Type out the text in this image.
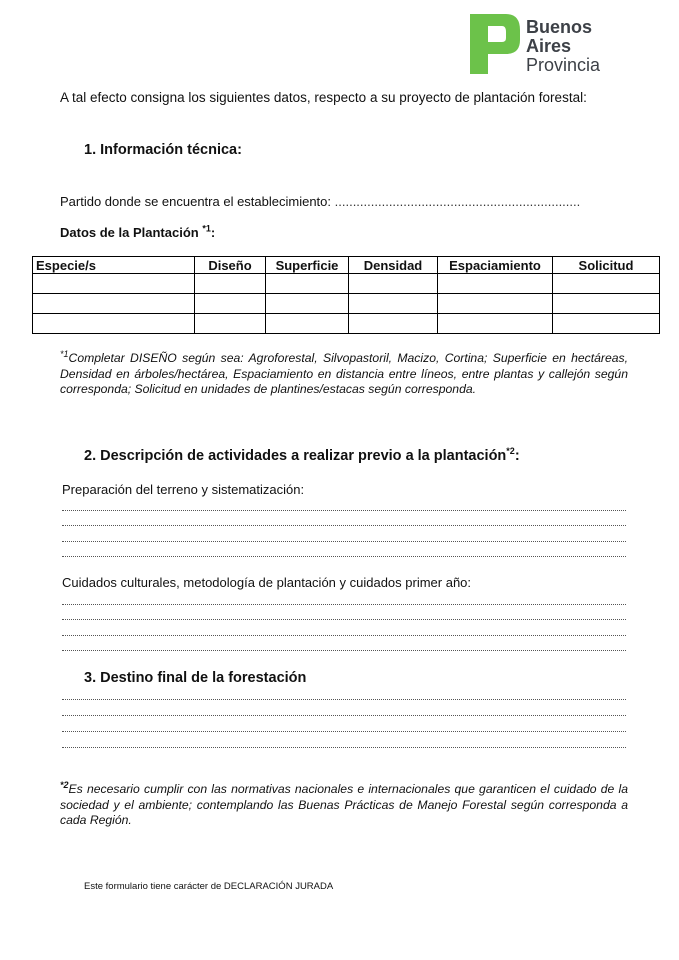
Buenos
Aires
Provincia
A tal efecto consigna los siguientes datos, respecto a su proyecto de plantación forestal:
1. Información técnica:
Partido donde se encuentra el establecimiento: ....................................................................
Datos de la Plantación $^{*1}$:
Especie/s	Diseño	Superficie	Densidad	Espaciamiento	Solicitud

$^{*1}$Completar DISEÑO según sea: Agroforestal, Silvopastoril, Macizo, Cortina; Superficie en hectáreas, Densidad en árboles/hectárea, Espaciamiento en distancia entre líneos, entre plantas y callejón según corresponda; Solicitud en unidades de plantines/estacas según corresponda.
2. Descripción de actividades a realizar previo a la plantación$^{*2}$:
Preparación del terreno y sistematización:
Cuidados culturales, metodología de plantación y cuidados primer año:
3. Destino final de la forestación
$^{*2}$Es necesario cumplir con las normativas nacionales e internacionales que garanticen el cuidado de la sociedad y el ambiente; contemplando las Buenas Prácticas de Manejo Forestal según corresponda a cada Región.
Este formulario tiene carácter de DECLARACIÓN JURADA
